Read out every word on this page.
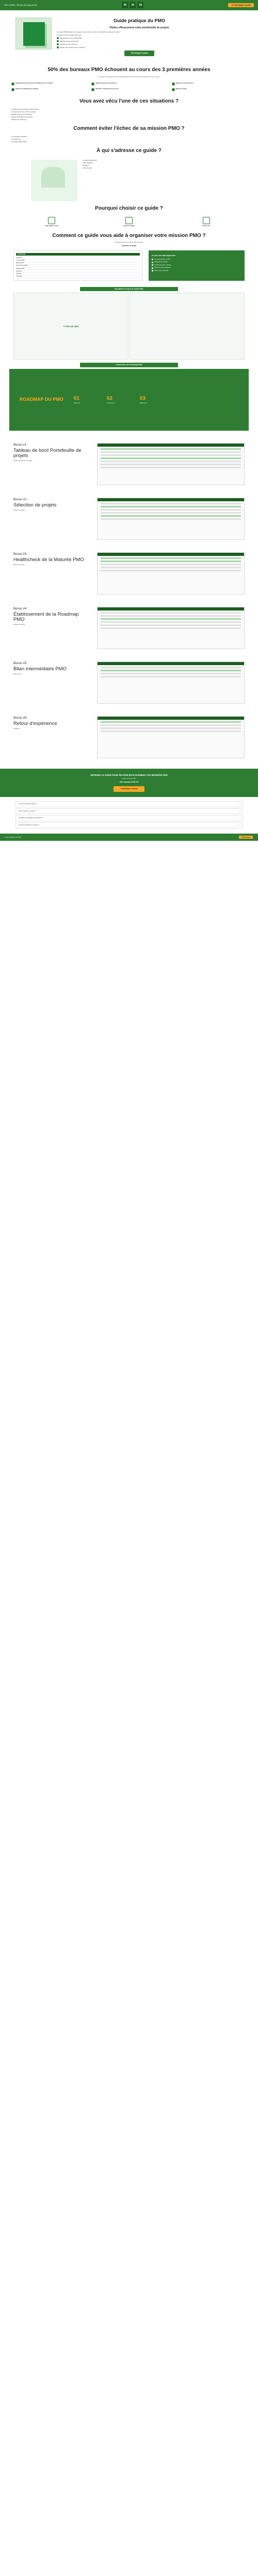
Offre limitée : Bonus dès aujourd'hui	00	20	55	Je télécharge le guide
Guide pratique du PMO
Pilotez efficacement votre portefeuille de projets

Vous êtes PMO débutant ou manager qui doit mettre en place une démarche de pilotage de projet ?

Ce guide vous accompagne pas à pas.

Diagnostiquez votre maturité PMO
Sélectionnez les bons projets
Construisez votre roadmap
Rendez des comptes avec un reporting
Télécharger le guide
50% des bureaux PMO échouent au cours des 3 premières années

Une étude a montré que près de la moitié des PMO échouent dans les 3 ans suivant leur mise en place.

Désalignement des missions du PMO avec la stratégie	Manque d'appui de la direction	Mauvaise communication
Manque de légitimité des équipes	Mauvaise compréhension du rôle	Manque d'outils
Vous avez vécu l'une de ces situations ?
Le PMO peine à démontrer sa valeur ajoutée
Le lancement de trop nombreux projets
Difficulté à prioriser le portefeuille
Manque de visibilité sur les projets
Problème de ressources
Comment éviter l'échec de sa mission PMO ?
Les principes à respecter
Les étapes clés
Les outils indispensables
À qui s'adresse ce guide ?
Ce guide s'adresse aux :
PMOs débutants
Managers
Chefs de projet
Pourquoi choisir ce guide ?
Guide métier complet	Approche pratique	Bonus inclus
Comment ce guide vous aide à organiser votre mission PMO ?

Ce guide propose une méthode étape par étape.

Contenu du guide

SOMMAIRE
Introduction
Le rôle du PMO
Maturité PMO
Sélection des projets
Roadmap PMO
Indicateurs
Reporting
Conclusion
Ce que vous allez apprendre
Les fondamentaux du PMO
Diagnostic de maturité
Construction d'une roadmap
Choisir les bons indicateurs
Piloter votre portefeuille
Spécificités et enjeux du métier PMO
TYPES DE PMO
Construction de la Roadmap PMO
ROADMAP DU PMO 01
Diagnostic
02
Construction
03
Déploiement
Bonus #1 :
Tableau de bord Portefeuille de projets

Suivez l'ensemble de vos projets.

Bonus #2 :
Sélection de projets

Priorisez les projets.

Bonus #3 :
Healthcheck de la Maturité PMO

Évaluez la maturité.

Bonus #4 :
Établissement de la Roadmap PMO

Planifiez la roadmap.

Bonus #5 :
Bilan intermédiaire PMO

Faites le point.

Bonus #6 :
Retour d'expérience

Capitalisez.

OBTENEZ LE GUIDE POUR PILOTER EFFICACEMENT VOS MISSIONS PMO

Guide + 6 bonus inclus

Offre spéciale à PMI 47€

Télécharger le Guide
Comment recevoir le guide ?	+
Puis-je l'utiliser en équipe ?	+
Le guide est-il adapté aux débutants ?	+
Comment contacter le support ?	+
Guide pratique du PMO	Télécharger
